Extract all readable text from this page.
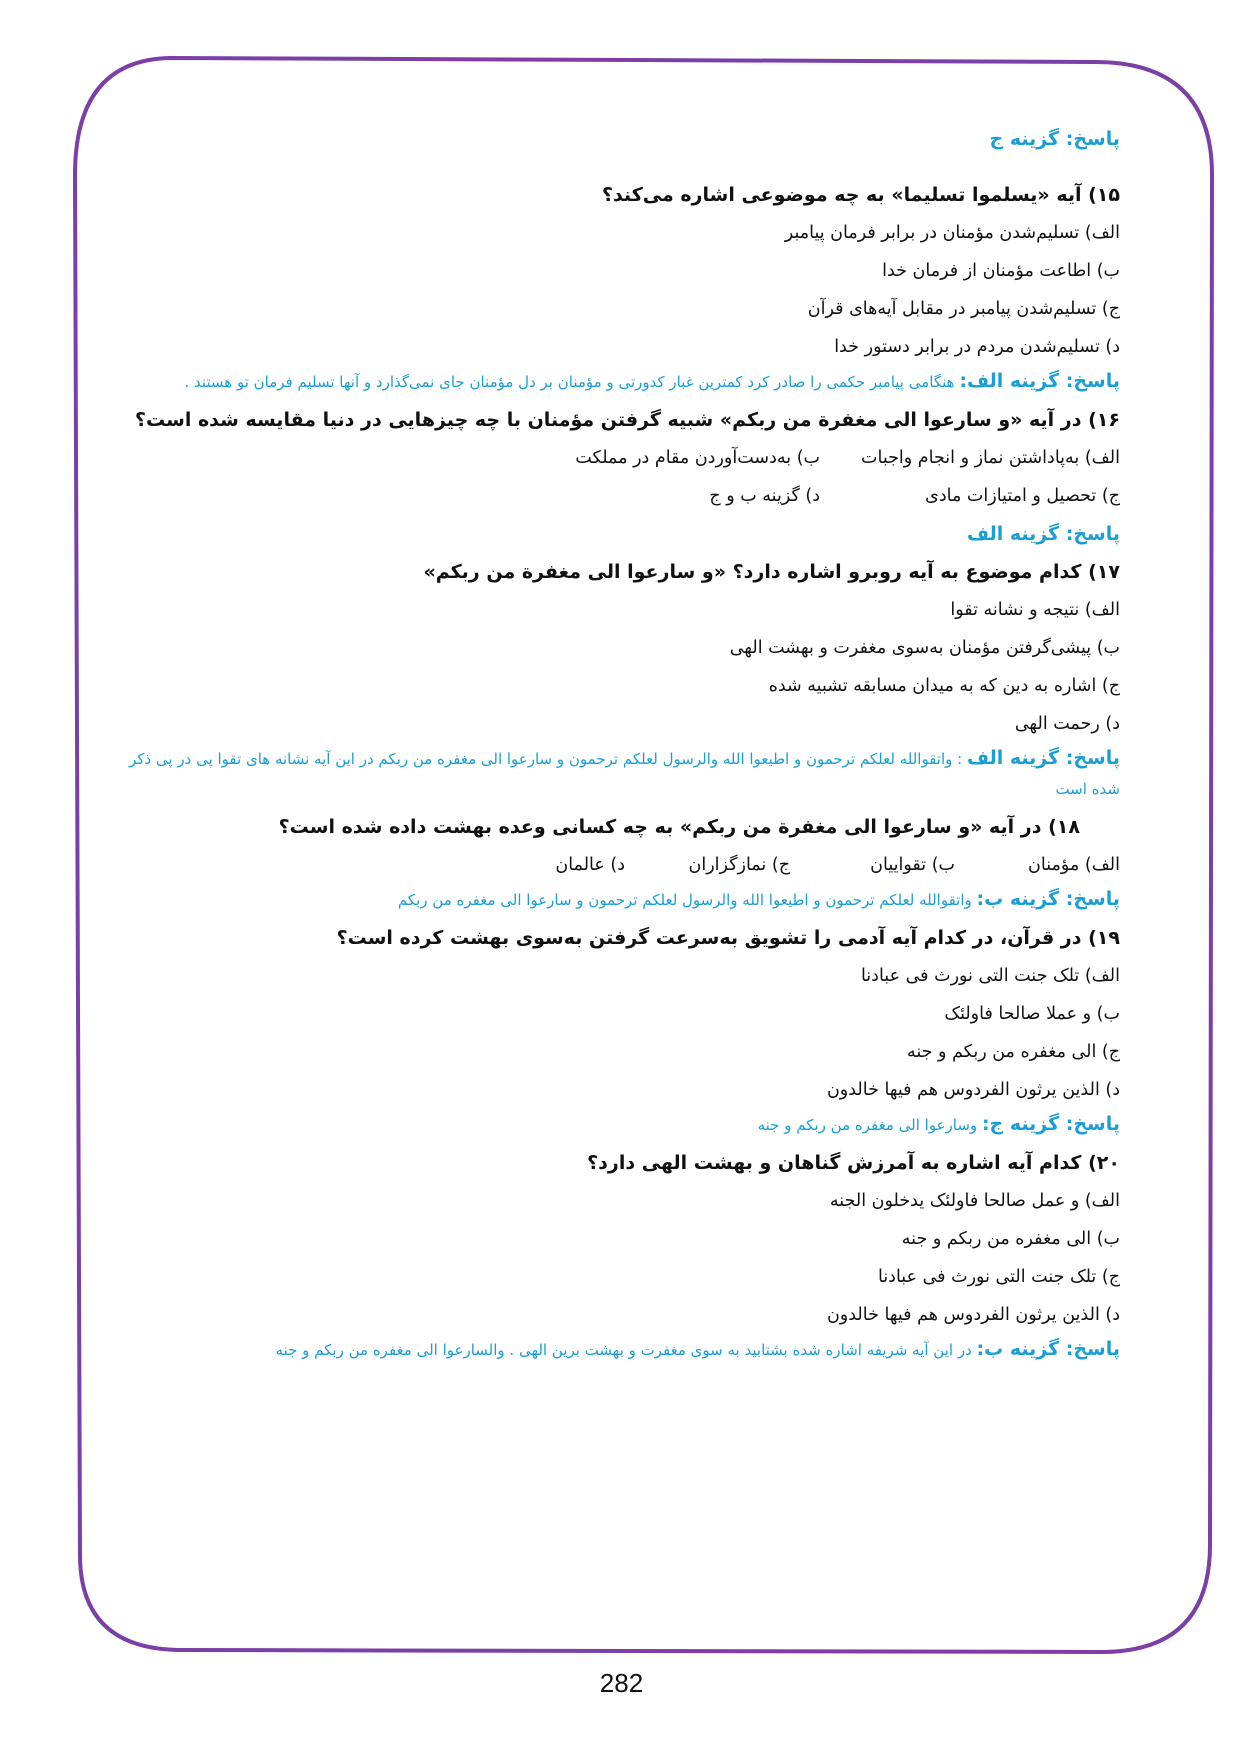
پاسخ: گزینه ج
۱۵) آیه «یسلموا تسلیما» به چه موضوعی اشاره می‌کند؟
الف) تسلیم‌شدن مؤمنان در برابر فرمان پیامبر
ب) اطاعت مؤمنان از فرمان خدا
ج) تسلیم‌شدن پیامبر در مقابل آیه‌های قرآن
د) تسلیم‌شدن مردم در برابر دستور خدا
پاسخ: گزینه الف: هنگامی پیامبر حکمی را صادر کرد کمترین غبار کدورتی و مؤمنان بر دل مؤمنان جای نمی‌گذارد و آنها تسلیم فرمان تو هستند .
۱۶) در آیه «و سارعوا الی مغفرة من ربکم» شبیه گرفتن مؤمنان با چه چیزهایی در دنیا مقایسه شده است؟
الف) به‌پاداشتن نماز و انجام واجبات
ب) به‌دست‌آوردن مقام در مملکت
ج) تحصیل و امتیازات مادی
د) گزینه ب و ج
پاسخ: گزینه الف
۱۷) کدام موضوع به آیه روبرو اشاره دارد؟ «و سارعوا الی مغفرة من ربکم»
الف) نتیجه و نشانه تقوا
ب) پیشی‌گرفتن مؤمنان به‌سوی مغفرت و بهشت الهی
ج) اشاره به دین که به میدان مسابقه تشبیه شده
د) رحمت الهی
پاسخ: گزینه الف : واتقوالله لعلکم ترحمون و اطیعوا الله والرسول لعلکم ترحمون و سارعوا الی مغفره من ربکم در این آیه نشانه های تقوا پی در پی ذکر شده است
۱۸) در آیه «و سارعوا الی مغفرة من ربکم» به چه کسانی وعده بهشت داده شده است؟
الف) مؤمنان
ب) تقواییان
ج) نمازگزاران
د) عالمان
پاسخ: گزینه ب: واتقوالله لعلکم ترحمون و اطیعوا الله والرسول لعلکم ترحمون و سارعوا الی مغفره من ربکم
۱۹) در قرآن، در کدام آیه آدمی را تشویق به‌سرعت گرفتن به‌سوی بهشت کرده است؟
الف) تلک جنت التی نورث فی عبادنا
ب) و عملا صالحا فاولئک
ج) الی مغفره من ربکم و جنه
د) الذین یرثون الفردوس هم فیها خالدون
پاسخ: گزینه ج: وسارعوا الی مغفره من ربکم و جنه
۲۰) کدام آیه اشاره به آمرزش گناهان و بهشت الهی دارد؟
الف) و عمل صالحا فاولئک یدخلون الجنه
ب) الی مغفره من ربکم و جنه
ج) تلک جنت التی نورث فی عبادنا
د) الذین یرثون الفردوس هم فیها خالدون
پاسخ: گزینه ب: در این آیه شریفه اشاره شده بشتابید به سوی مغفرت و بهشت برین الهی . والسارعوا الی مغفره من ربکم و جنه
282
